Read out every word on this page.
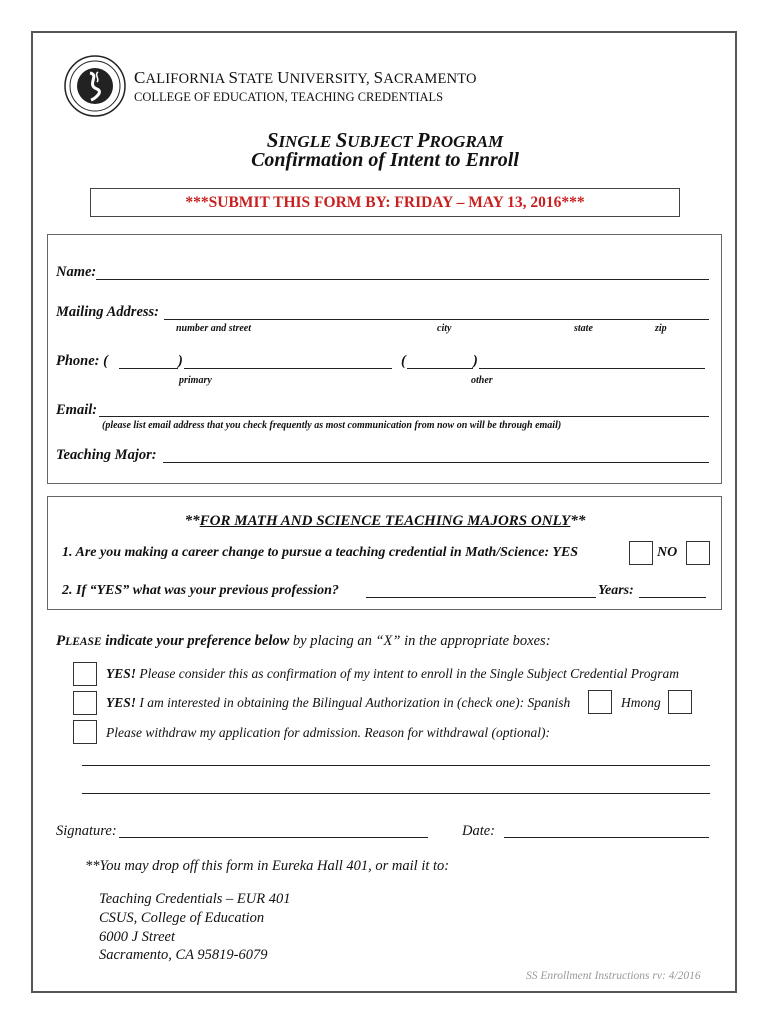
CALIFORNIA STATE UNIVERSITY, SACRAMENTO
COLLEGE OF EDUCATION, TEACHING CREDENTIALS
SINGLE SUBJECT PROGRAM
Confirmation of Intent to Enroll
***SUBMIT THIS FORM BY: FRIDAY – MAY 13, 2016***
Name:
Mailing Address:
number and street	city	state	zip
Phone: (	)	(	)
primary	other
Email:
(please list email address that you check frequently as most communication from now on will be through email)
Teaching Major:
**FOR MATH AND SCIENCE TEACHING MAJORS ONLY**
1. Are you making a career change to pursue a teaching credential in Math/Science: YES	NO
2. If “YES” what was your previous profession?	Years:
PLEASE indicate your preference below by placing an “X” in the appropriate boxes:
YES! Please consider this as confirmation of my intent to enroll in the Single Subject Credential Program
YES! I am interested in obtaining the Bilingual Authorization in (check one): Spanish	Hmong
Please withdraw my application for admission. Reason for withdrawal (optional):
Signature:	Date:
**You may drop off this form in Eureka Hall 401, or mail it to:
Teaching Credentials – EUR 401
CSUS, College of Education
6000 J Street
Sacramento, CA 95819-6079
SS Enrollment Instructions rv: 4/2016
